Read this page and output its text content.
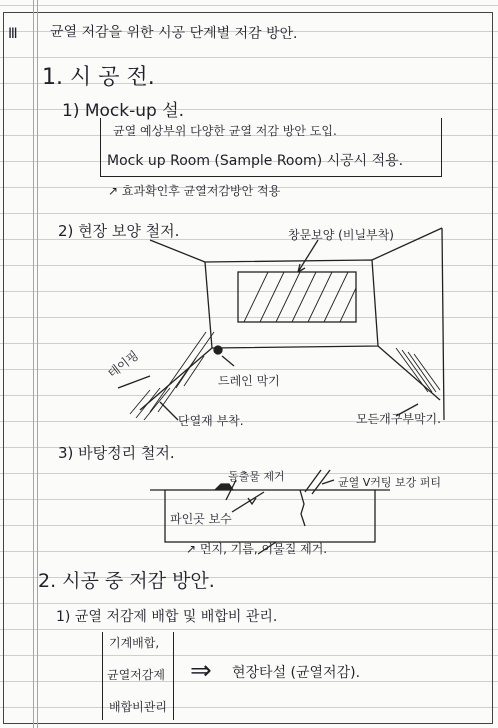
Ⅲ 균열 저감을 위한 시공 단계별 저감 방안.
1. 시 공 전.
1) Mock-up 설.
균열 예상부위 다양한 균열 저감 방안 도입.
Mock up Room (Sample Room) 시공시 적용.
↗ 효과확인후 균열저감방안 적용
2) 현장 보양 철저.	창문보양 (비닐부착)
드레인 막기
테이핑
단열재 부착.	모든개구부막기.
3) 바탕정리 철저.
돌출물 제거	균열 V커팅 보강 퍼티
파인곳 보수
↗ 먼지, 기름, 이물질 제거.
2. 시공 중 저감 방안.
1) 균열 저감제 배합 및 배합비 관리.
기계배합,
균열저감제
배합비관리
⇒ 현장타설 (균열저감).
